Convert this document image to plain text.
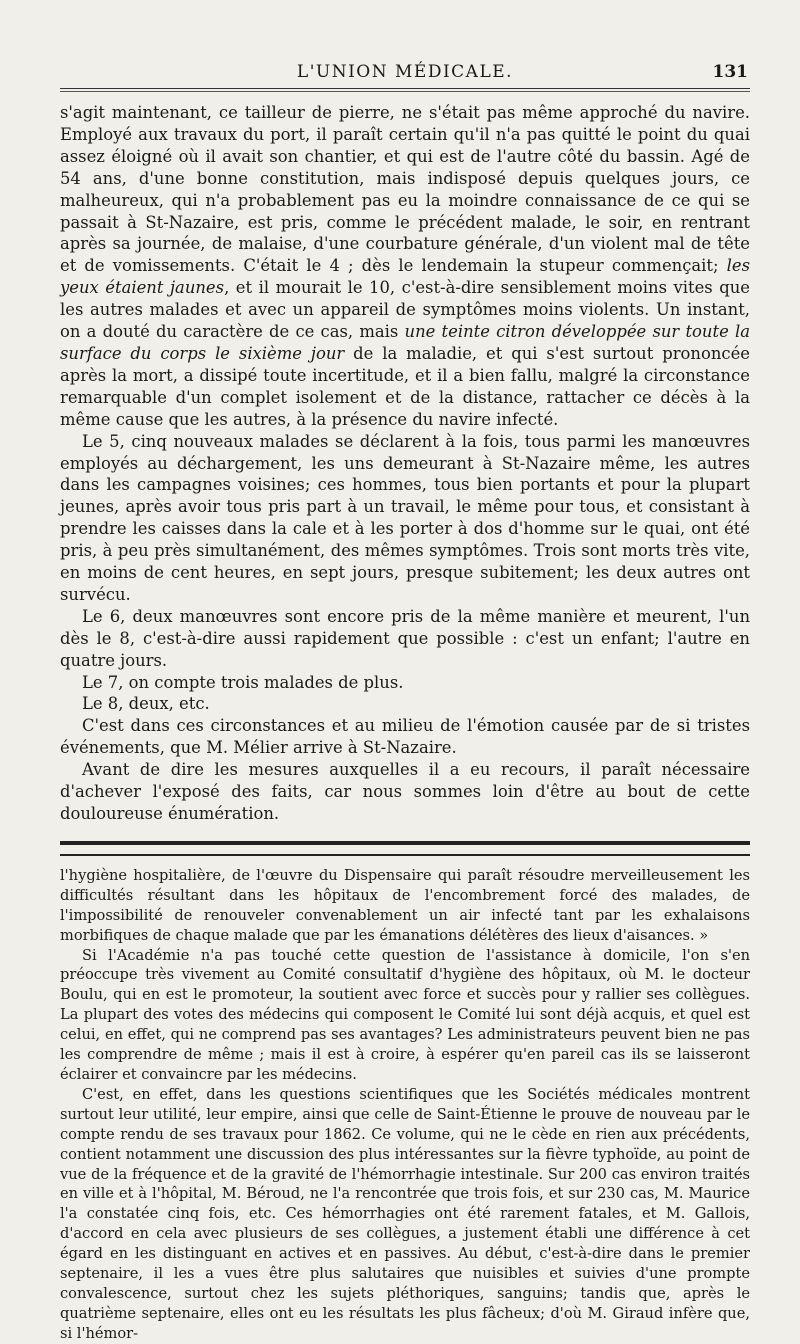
L'UNION MÉDICALE.	131

s'agit maintenant, ce tailleur de pierre, ne s'était pas même approché du navire. Employé aux travaux du port, il paraît certain qu'il n'a pas quitté le point du quai assez éloigné où il avait son chantier, et qui est de l'autre côté du bassin. Agé de 54 ans, d'une bonne constitution, mais indisposé depuis quelques jours, ce malheureux, qui n'a probablement pas eu la moindre connaissance de ce qui se passait à St-Nazaire, est pris, comme le précédent malade, le soir, en rentrant après sa journée, de malaise, d'une courbature générale, d'un violent mal de tête et de vomissements. C'était le 4 ; dès le lendemain la stupeur commençait; les yeux étaient jaunes, et il mourait le 10, c'est-à-dire sensiblement moins vites que les autres malades et avec un appareil de symptômes moins violents. Un instant, on a douté du caractère de ce cas, mais une teinte citron développée sur toute la surface du corps le sixième jour de la maladie, et qui s'est surtout prononcée après la mort, a dissipé toute incertitude, et il a bien fallu, malgré la circonstance remarquable d'un complet isolement et de la distance, rattacher ce décès à la même cause que les autres, à la présence du navire infecté.

Le 5, cinq nouveaux malades se déclarent à la fois, tous parmi les manœuvres employés au déchargement, les uns demeurant à St-Nazaire même, les autres dans les campagnes voisines; ces hommes, tous bien portants et pour la plupart jeunes, après avoir tous pris part à un travail, le même pour tous, et consistant à prendre les caisses dans la cale et à les porter à dos d'homme sur le quai, ont été pris, à peu près simultanément, des mêmes symptômes. Trois sont morts très vite, en moins de cent heures, en sept jours, presque subitement; les deux autres ont survécu.

Le 6, deux manœuvres sont encore pris de la même manière et meurent, l'un dès le 8, c'est-à-dire aussi rapidement que possible : c'est un enfant; l'autre en quatre jours.

Le 7, on compte trois malades de plus.

Le 8, deux, etc.

C'est dans ces circonstances et au milieu de l'émotion causée par de si tristes événements, que M. Mélier arrive à St-Nazaire.

Avant de dire les mesures auxquelles il a eu recours, il paraît nécessaire d'achever l'exposé des faits, car nous sommes loin d'être au bout de cette douloureuse énumération.

l'hygiène hospitalière, de l'œuvre du Dispensaire qui paraît résoudre merveilleusement les difficultés résultant dans les hôpitaux de l'encombrement forcé des malades, de l'impossibilité de renouveler convenablement un air infecté tant par les exhalaisons morbifiques de chaque malade que par les émanations délétères des lieux d'aisances. »

Si l'Académie n'a pas touché cette question de l'assistance à domicile, l'on s'en préoccupe très vivement au Comité consultatif d'hygiène des hôpitaux, où M. le docteur Boulu, qui en est le promoteur, la soutient avec force et succès pour y rallier ses collègues. La plupart des votes des médecins qui composent le Comité lui sont déjà acquis, et quel est celui, en effet, qui ne comprend pas ses avantages? Les administrateurs peuvent bien ne pas les comprendre de même ; mais il est à croire, à espérer qu'en pareil cas ils se laisseront éclairer et convaincre par les médecins.

C'est, en effet, dans les questions scientifiques que les Sociétés médicales montrent surtout leur utilité, leur empire, ainsi que celle de Saint-Étienne le prouve de nouveau par le compte rendu de ses travaux pour 1862. Ce volume, qui ne le cède en rien aux précédents, contient notamment une discussion des plus intéressantes sur la fièvre typhoïde, au point de vue de la fréquence et de la gravité de l'hémorrhagie intestinale. Sur 200 cas environ traités en ville et à l'hôpital, M. Béroud, ne l'a rencontrée que trois fois, et sur 230 cas, M. Maurice l'a constatée cinq fois, etc. Ces hémorrhagies ont été rarement fatales, et M. Gallois, d'accord en cela avec plusieurs de ses collègues, a justement établi une différence à cet égard en les distinguant en actives et en passives. Au début, c'est-à-dire dans le premier septenaire, il les a vues être plus salutaires que nuisibles et suivies d'une prompte convalescence, surtout chez les sujets pléthoriques, sanguins; tandis que, après le quatrième septenaire, elles ont eu les résultats les plus fâcheux; d'où M. Giraud infère que, si l'hémor-
